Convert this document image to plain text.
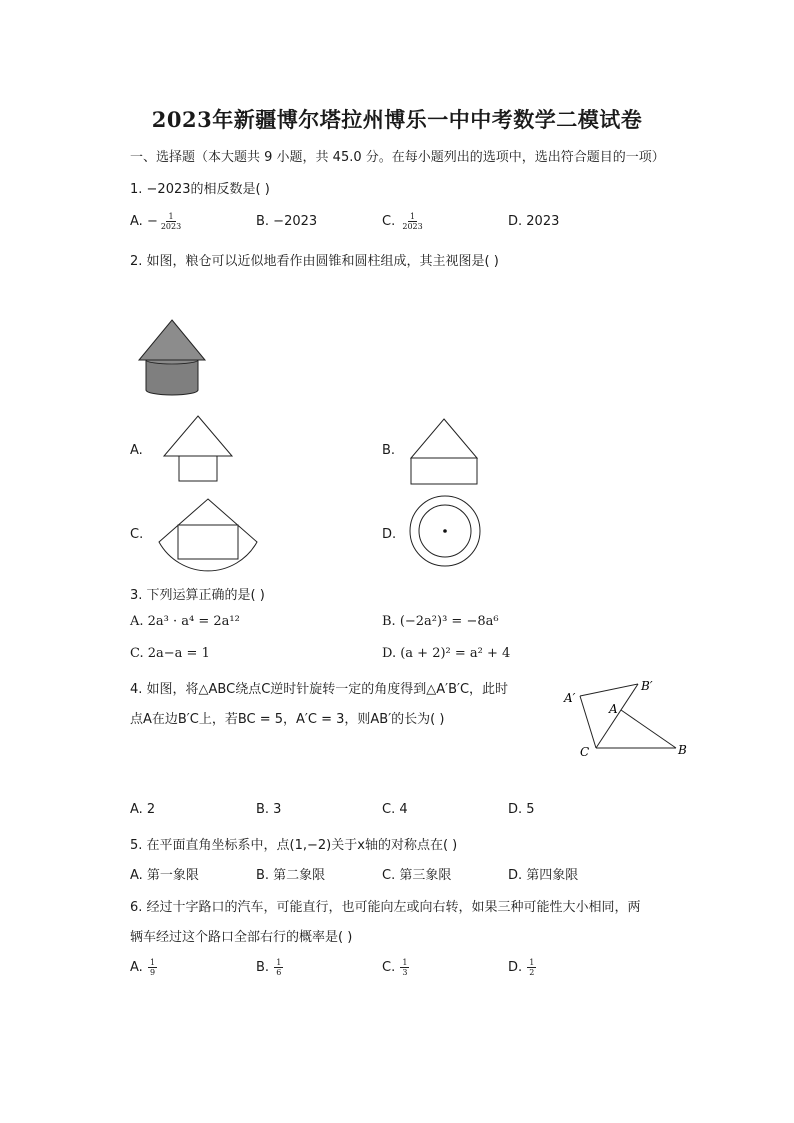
2023年新疆博尔塔拉州博乐一中中考数学二模试卷
一、选择题（本大题共 9 小题，共 45.0 分。在每小题列出的选项中，选出符合题目的一项）
1. −2023的相反数是( )
A. − $\frac{1}{2023}$	B. −2023	C. $\frac{1}{2023}$	D. 2023
2. 如图，粮仓可以近似地看作由圆锥和圆柱组成，其主视图是( )
A.	B.
C.	D.
3. 下列运算正确的是( )
A. 2a³ · a⁴ = 2a¹²	B. (−2a²)³ = −8a⁶
C. 2a−a = 1	D. (a + 2)² = a² + 4
4. 如图，将△ABC绕点C逆时针旋转一定的角度得到△A′B′C，此时
点A在边B′C上，若BC = 5，A′C = 3，则AB′的长为( )
A′
B′
A
B
C
A. 2	B. 3	C. 4	D. 5
5. 在平面直角坐标系中，点(1,−2)关于x轴的对称点在( )
A. 第一象限	B. 第二象限	C. 第三象限	D. 第四象限
6. 经过十字路口的汽车，可能直行，也可能向左或向右转，如果三种可能性大小相同，两
辆车经过这个路口全部右行的概率是( )
A. $\frac{1}{9}$	B. $\frac{1}{6}$	C. $\frac{1}{3}$	D. $\frac{1}{2}$
